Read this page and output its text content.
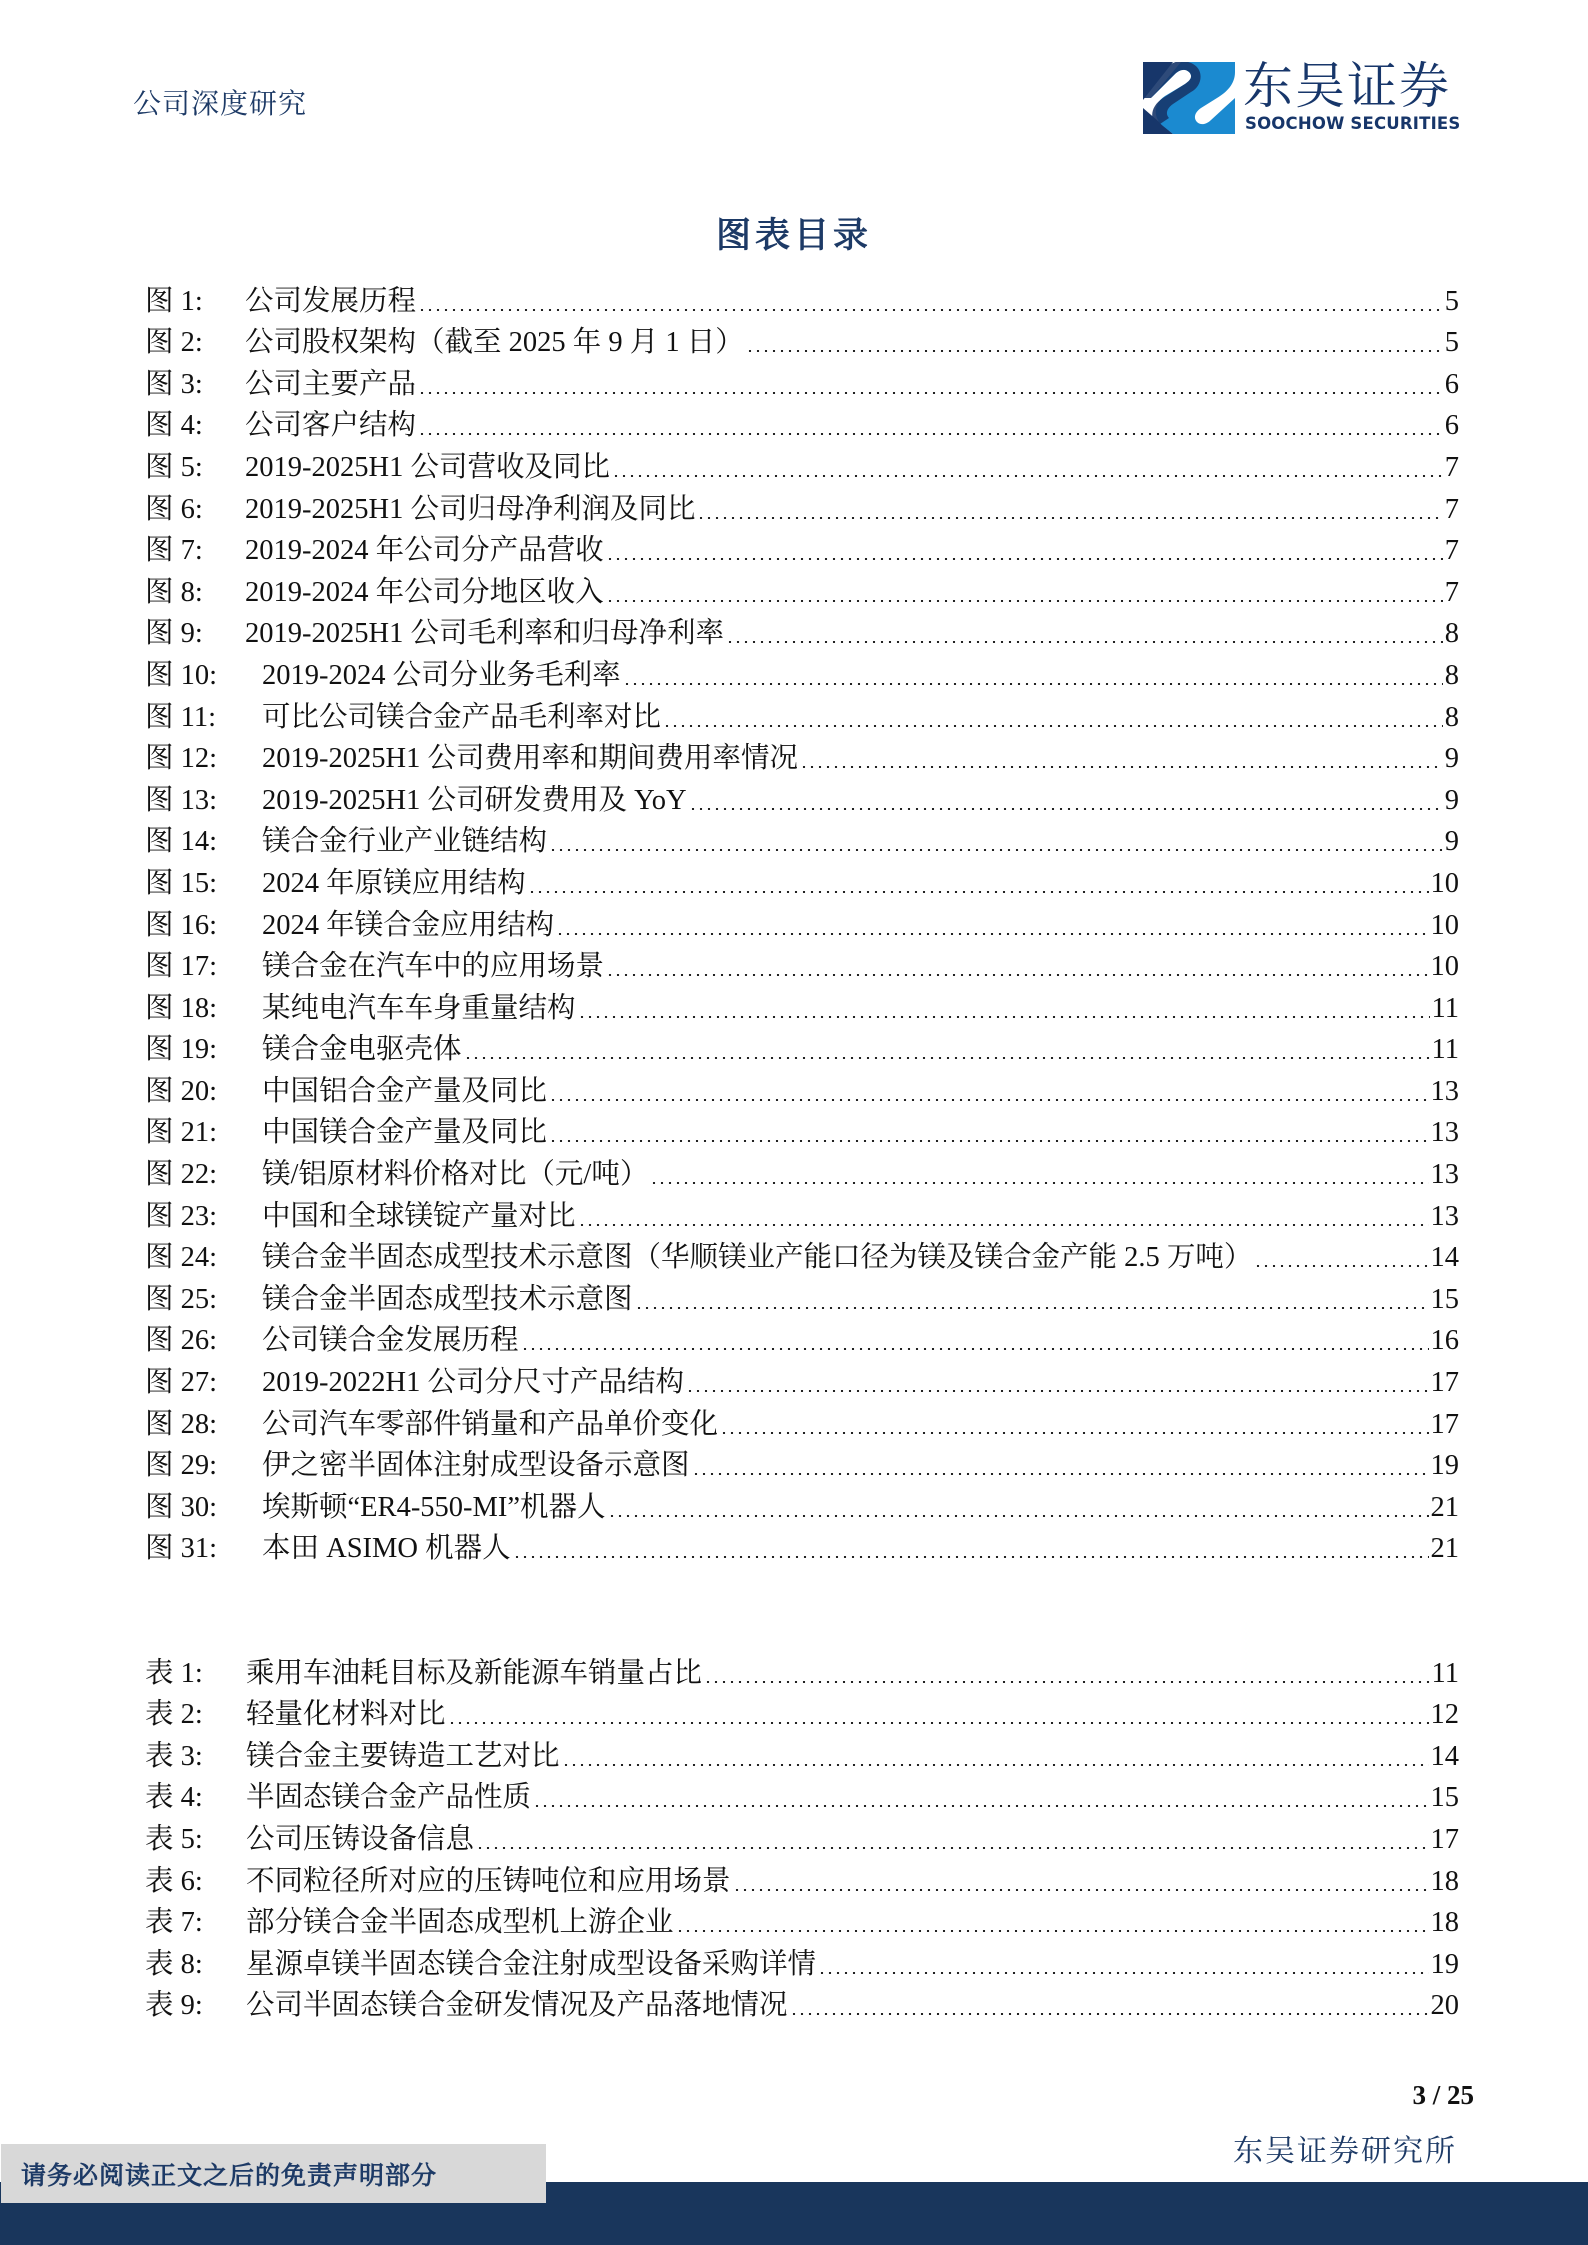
公司深度研究	东吴证券
SOOCHOW SECURITIES
图表目录
图 1:	公司发展历程	5
图 2:	公司股权架构（截至 2025 年 9 月 1 日）	5
图 3:	公司主要产品	6
图 4:	公司客户结构	6
图 5:	2019-2025H1 公司营收及同比	7
图 6:	2019-2025H1 公司归母净利润及同比	7
图 7:	2019-2024 年公司分产品营收	7
图 8:	2019-2024 年公司分地区收入	7
图 9:	2019-2025H1 公司毛利率和归母净利率	8
图 10:	2019-2024 公司分业务毛利率	8
图 11:	可比公司镁合金产品毛利率对比	8
图 12:	2019-2025H1 公司费用率和期间费用率情况	9
图 13:	2019-2025H1 公司研发费用及 YoY	9
图 14:	镁合金行业产业链结构	9
图 15:	2024 年原镁应用结构	10
图 16:	2024 年镁合金应用结构	10
图 17:	镁合金在汽车中的应用场景	10
图 18:	某纯电汽车车身重量结构	11
图 19:	镁合金电驱壳体	11
图 20:	中国铝合金产量及同比	13
图 21:	中国镁合金产量及同比	13
图 22:	镁/铝原材料价格对比（元/吨）	13
图 23:	中国和全球镁锭产量对比	13
图 24:	镁合金半固态成型技术示意图（华顺镁业产能口径为镁及镁合金产能 2.5 万吨）	14
图 25:	镁合金半固态成型技术示意图	15
图 26:	公司镁合金发展历程	16
图 27:	2019-2022H1 公司分尺寸产品结构	17
图 28:	公司汽车零部件销量和产品单价变化	17
图 29:	伊之密半固体注射成型设备示意图	19
图 30:	埃斯顿“ER4-550-MI”机器人	21
图 31:	本田 ASIMO 机器人	21
表 1:	乘用车油耗目标及新能源车销量占比	11
表 2:	轻量化材料对比	12
表 3:	镁合金主要铸造工艺对比	14
表 4:	半固态镁合金产品性质	15
表 5:	公司压铸设备信息	17
表 6:	不同粒径所对应的压铸吨位和应用场景	18
表 7:	部分镁合金半固态成型机上游企业	18
表 8:	星源卓镁半固态镁合金注射成型设备采购详情	19
表 9:	公司半固态镁合金研发情况及产品落地情况	20
3 / 25
东吴证券研究所
请务必阅读正文之后的免责声明部分
